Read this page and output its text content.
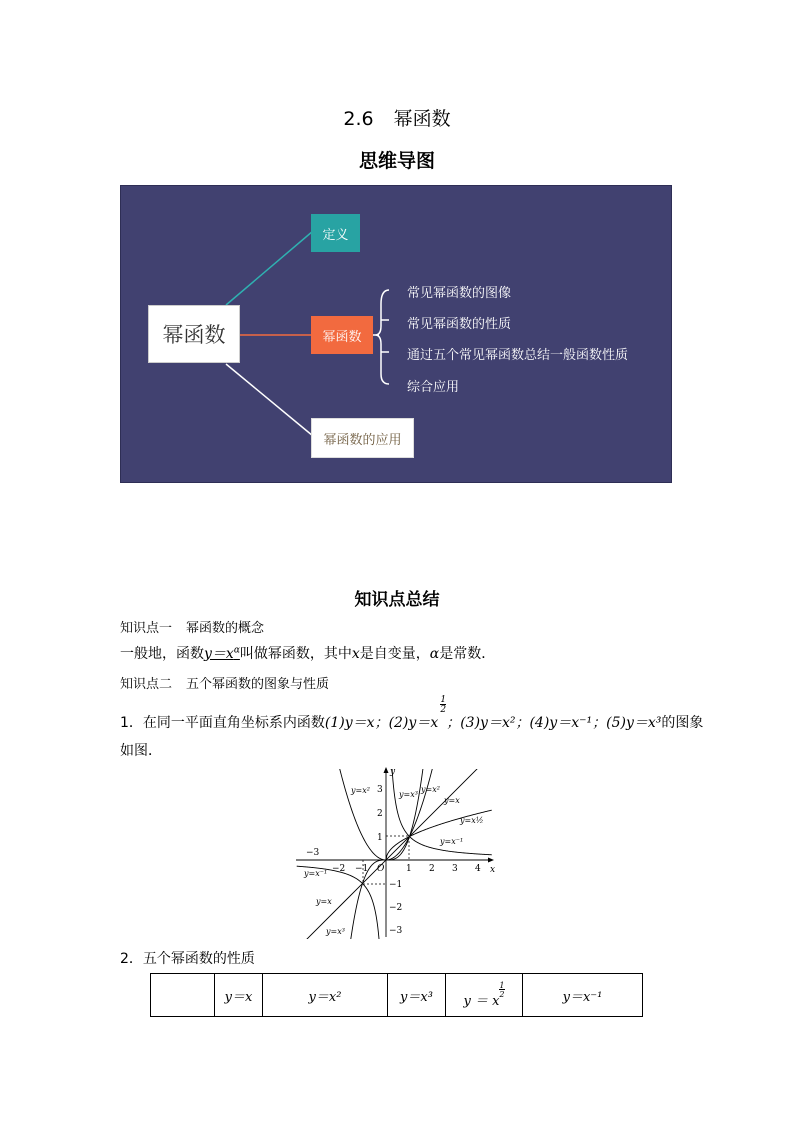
2.6 幂函数
思维导图
幂函数
定义
幂函数
幂函数的应用
常见幂函数的图像
常见幂函数的性质
通过五个常见幂函数总结一般函数性质
综合应用
知识点总结
知识点一 幂函数的概念
一般地，函数$y=x^\alpha$叫做幂函数，其中x是自变量，α是常数．
知识点二 五个幂函数的图象与性质
1．在同一平面直角坐标系内函数(1)y＝x；(2)y＝x
$\frac{1}{2}$
；(3)y＝x²；(4)y＝x⁻¹；(5)y＝x³的图象
如图．
−3
−2 −1	1 2 3 4
3
2
1
−1
−2
−3
O	x
y
y=x²	y=x³
y=x²
y=x
y=x½
y=x⁻¹
y=x⁻¹
y=x
y=x³
2．五个幂函数的性质
	y＝x	y＝x²	y＝x³	$y = x\frac{1}{2}$	y＝x⁻¹
